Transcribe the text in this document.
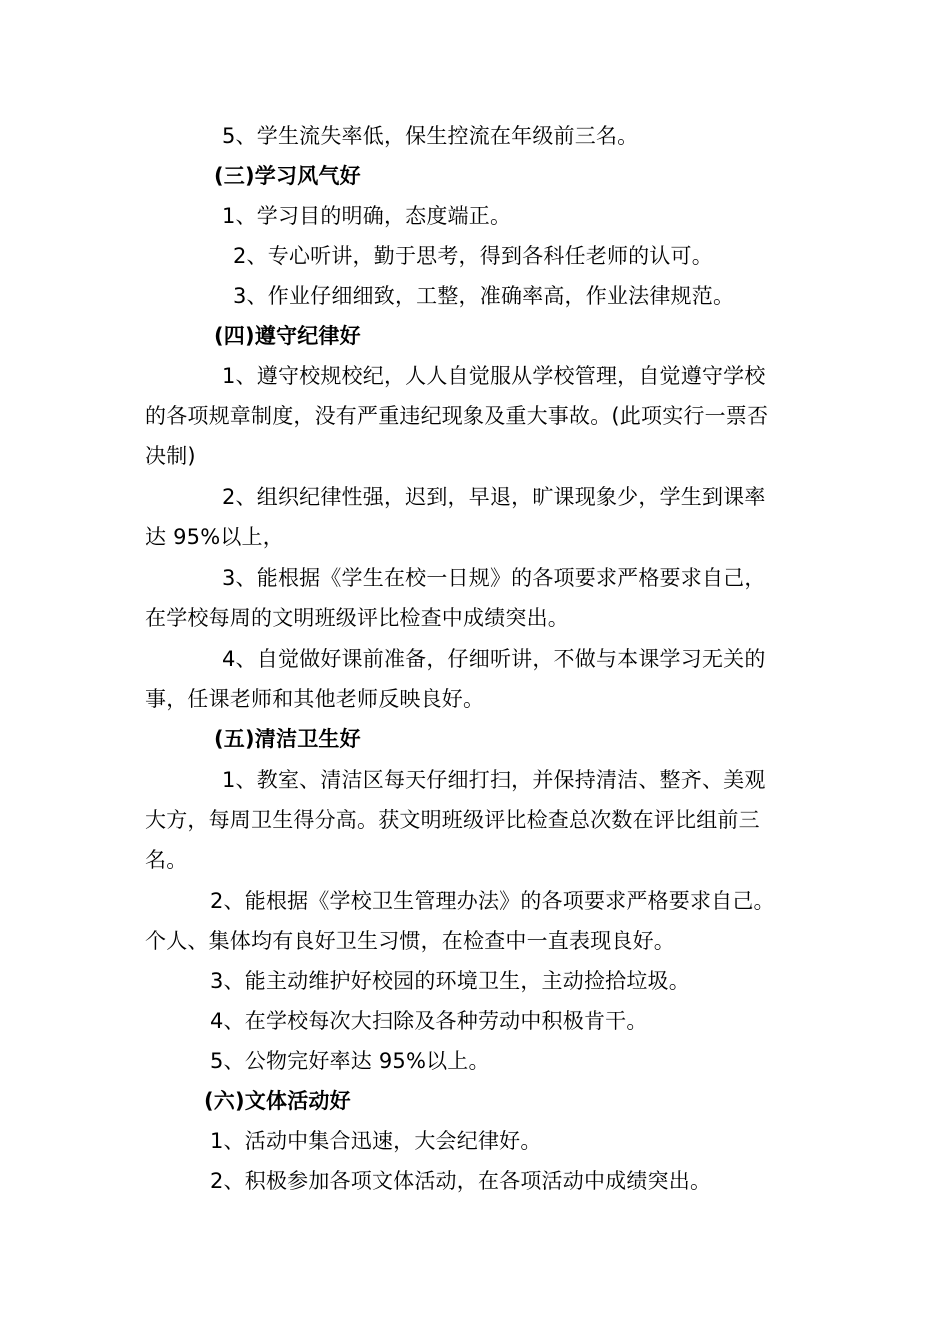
5、学生流失率低，保生控流在年级前三名。
(三)学习风气好
1、学习目的明确，态度端正。
2、专心听讲，勤于思考，得到各科任老师的认可。
3、作业仔细细致，工整，准确率高，作业法律规范。
(四)遵守纪律好
1、遵守校规校纪，人人自觉服从学校管理，自觉遵守学校
的各项规章制度，没有严重违纪现象及重大事故。(此项实行一票否
决制)
2、组织纪律性强，迟到，早退，旷课现象少，学生到课率
达 95%以上，
3、能根据《学生在校一日规》的各项要求严格要求自己，
在学校每周的文明班级评比检查中成绩突出。
4、自觉做好课前准备，仔细听讲，不做与本课学习无关的
事，任课老师和其他老师反映良好。
(五)清洁卫生好
1、教室、清洁区每天仔细打扫，并保持清洁、整齐、美观
大方，每周卫生得分高。获文明班级评比检查总次数在评比组前三
名。
2、能根据《学校卫生管理办法》的各项要求严格要求自己。
个人、集体均有良好卫生习惯，在检查中一直表现良好。
3、能主动维护好校园的环境卫生，主动捡拾垃圾。
4、在学校每次大扫除及各种劳动中积极肯干。
5、公物完好率达 95%以上。
(六)文体活动好
1、活动中集合迅速，大会纪律好。
2、积极参加各项文体活动，在各项活动中成绩突出。
